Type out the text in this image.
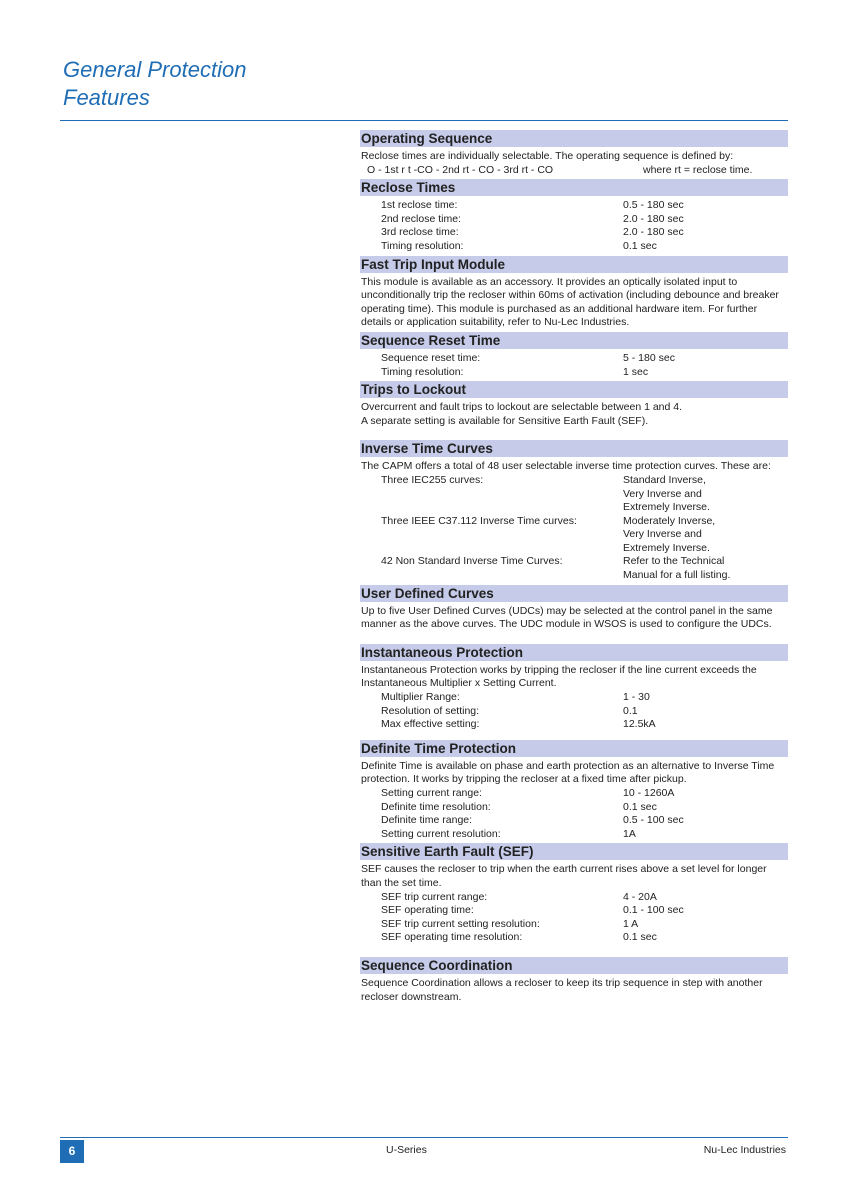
General Protection
Features
Operating Sequence
Reclose times are individually selectable. The operating sequence is defined by:
O - 1st r t -CO - 2nd rt - CO - 3rd rt - CO	where rt = reclose time.
Reclose Times
1st reclose time:	0.5 - 180 sec
2nd reclose time:	2.0 - 180 sec
3rd reclose time:	2.0 - 180 sec
Timing resolution:	0.1 sec
Fast Trip Input Module
This module is available as an accessory. It provides an optically isolated input to unconditionally trip the recloser within 60ms of activation (including debounce and breaker operating time). This module is purchased as an additional hardware item. For further details or application suitability, refer to Nu-Lec Industries.
Sequence Reset Time
Sequence reset time:	5 - 180 sec
Timing resolution:	1 sec
Trips to Lockout
Overcurrent and fault trips to lockout are selectable between 1 and 4.
A separate setting is available for Sensitive Earth Fault (SEF).
Inverse Time Curves
The CAPM offers a total of 48 user selectable inverse time protection curves. These are:
Three IEC255 curves:	Standard Inverse,
Very Inverse and
Extremely Inverse.
Three IEEE C37.112 Inverse Time curves:	Moderately Inverse,
Very Inverse and
Extremely Inverse.
42 Non Standard Inverse Time Curves:	Refer to the Technical
Manual for a full listing.
User Defined Curves
Up to five User Defined Curves (UDCs) may be selected at the control panel in the same manner as the above curves. The UDC module in WSOS is used to configure the UDCs.
Instantaneous Protection
Instantaneous Protection works by tripping the recloser if the line current exceeds the Instantaneous Multiplier x Setting Current.
Multiplier Range:	1 - 30
Resolution of setting:	0.1
Max effective setting:	12.5kA
Definite Time Protection
Definite Time is available on phase and earth protection as an alternative to Inverse Time protection. It works by tripping the recloser at a fixed time after pickup.
Setting current range:	10 - 1260A
Definite time resolution:	0.1 sec
Definite time range:	0.5 - 100 sec
Setting current resolution:	1A
Sensitive Earth Fault (SEF)
SEF causes the recloser to trip when the earth current rises above a set level for longer than the set time.
SEF trip current range:	4 - 20A
SEF operating time:	0.1 - 100 sec
SEF trip current setting resolution:	1 A
SEF operating time resolution:	0.1 sec
Sequence Coordination
Sequence Coordination allows a recloser to keep its trip sequence in step with another recloser downstream.
6	U-Series	Nu-Lec Industries
